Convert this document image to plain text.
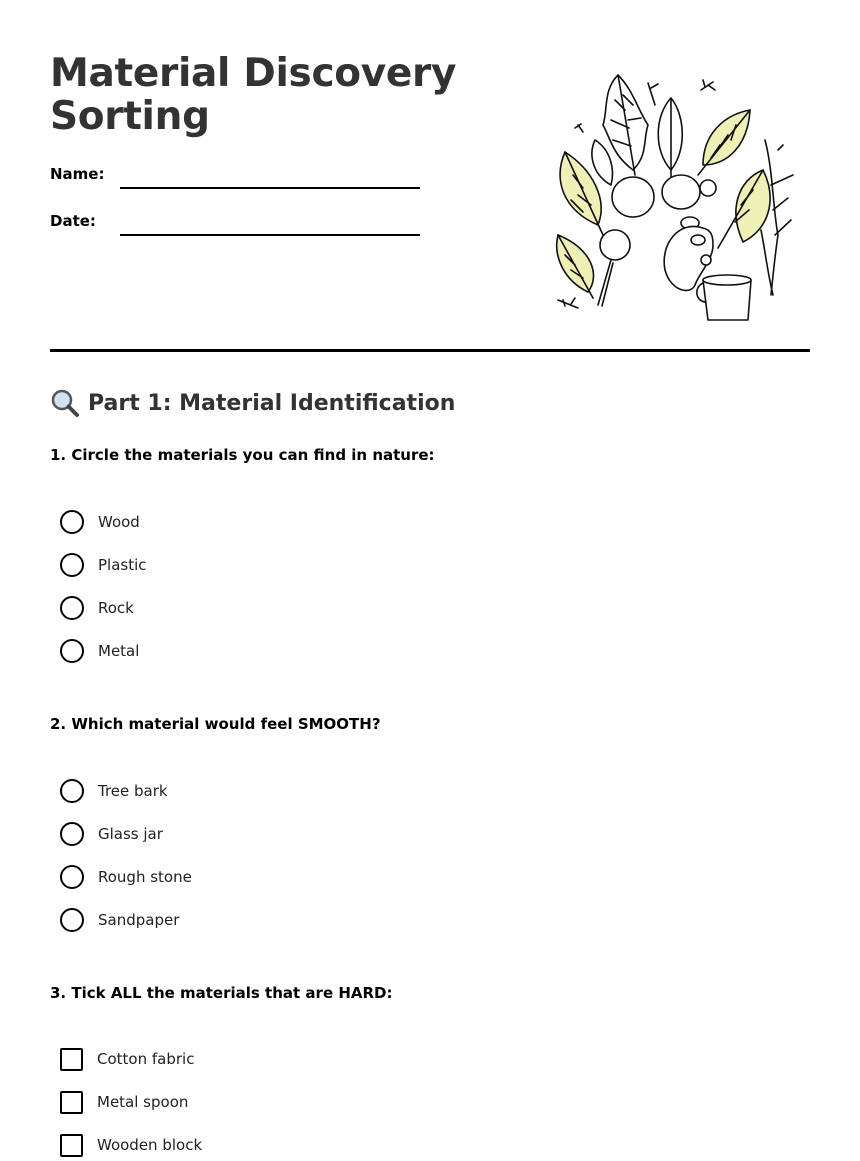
Material Discovery
Sorting
Name:
Date:
Part 1: Material Identification
1. Circle the materials you can find in nature:
Wood
Plastic
Rock
Metal
2. Which material would feel SMOOTH?
Tree bark
Glass jar
Rough stone
Sandpaper
3. Tick ALL the materials that are HARD:
Cotton fabric
Metal spoon
Wooden block
